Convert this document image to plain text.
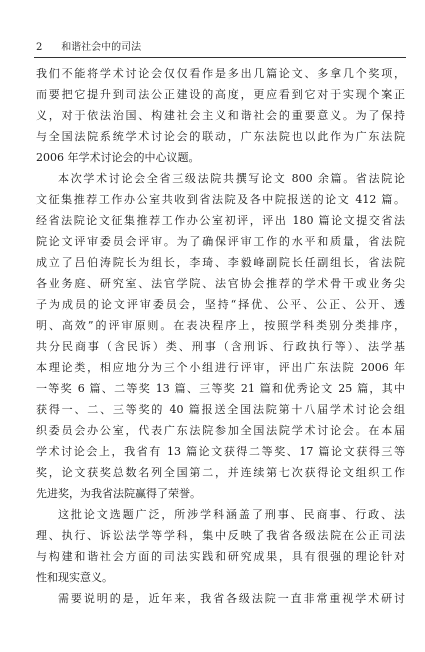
2 和谐社会中的司法
我们不能将学术讨论会仅仅看作是多出几篇论文、多拿几个奖项，
而要把它提升到司法公正建设的高度，更应看到它对于实现个案正
义，对于依法治国、构建社会主义和谐社会的重要意义。为了保持
与全国法院系统学术讨论会的联动，广东法院也以此作为广东法院
2006 年学术讨论会的中心议题。
本次学术讨论会全省三级法院共撰写论文 800 余篇。省法院论
文征集推荐工作办公室共收到省法院及各中院报送的论文 412 篇。
经省法院论文征集推荐工作办公室初评，评出 180 篇论文提交省法
院论文评审委员会评审。为了确保评审工作的水平和质量，省法院
成立了吕伯涛院长为组长，李琦、李毅峰副院长任副组长，省法院
各业务庭、研究室、法官学院、法官协会推荐的学术骨干或业务尖
子为成员的论文评审委员会，坚持“择优、公平、公正、公开、透
明、高效”的评审原则。在表决程序上，按照学科类别分类排序，
共分民商事（含民诉）类、刑事（含刑诉、行政执行等）、法学基
本理论类，相应地分为三个小组进行评审，评出广东法院 2006 年
一等奖 6 篇、二等奖 13 篇、三等奖 21 篇和优秀论文 25 篇，其中
获得一、二、三等奖的 40 篇报送全国法院第十八届学术讨论会组
织委员会办公室，代表广东法院参加全国法院学术讨论会。在本届
学术讨论会上，我省有 13 篇论文获得二等奖、17 篇论文获得三等
奖，论文获奖总数名列全国第二，并连续第七次获得论文组织工作
先进奖，为我省法院赢得了荣誉。
这批论文选题广泛，所涉学科涵盖了刑事、民商事、行政、法
理、执行、诉讼法学等学科，集中反映了我省各级法院在公正司法
与构建和谐社会方面的司法实践和研究成果，具有很强的理论针对
性和现实意义。
需要说明的是，近年来，我省各级法院一直非常重视学术研讨
